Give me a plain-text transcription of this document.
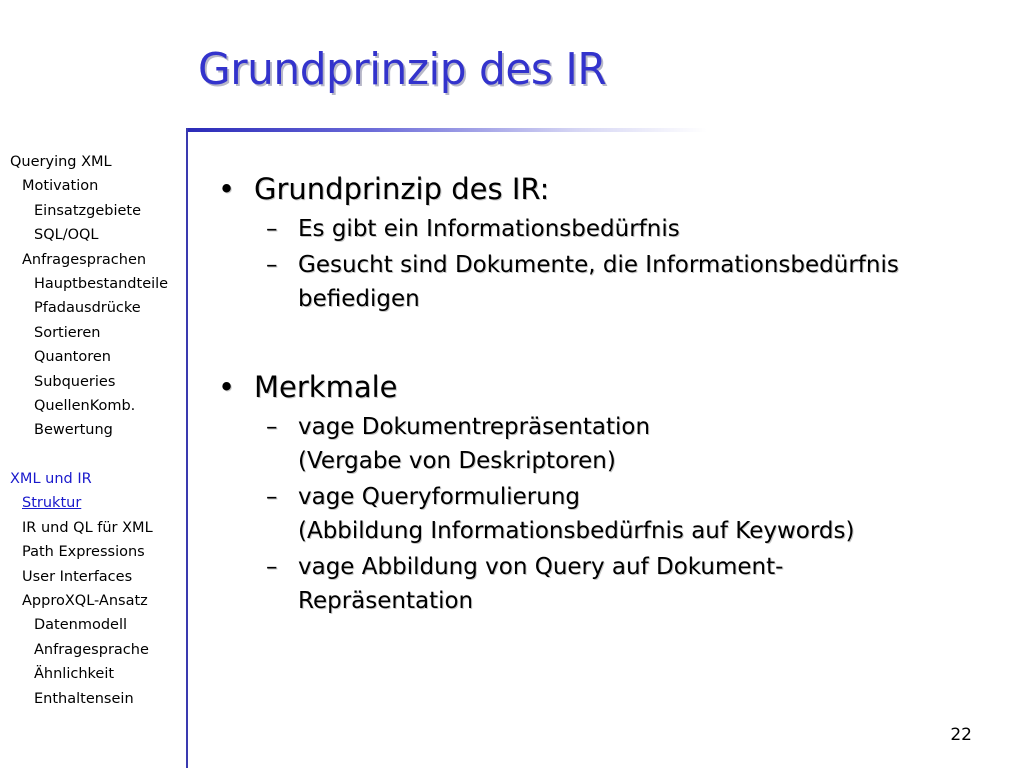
Grundprinzip des IR
Querying XML
Motivation
Einsatzgebiete
SQL/OQL
Anfragesprachen
Hauptbestandteile
Pfadausdrücke
Sortieren
Quantoren
Subqueries
QuellenKomb.
Bewertung
XML und IR
Struktur
IR und QL für XML
Path Expressions
User Interfaces
ApproXQL-Ansatz
Datenmodell
Anfragesprache
Ähnlichkeit
Enthaltensein
• Grundprinzip des IR:
– Es gibt ein Informationsbedürfnis
– Gesucht sind Dokumente, die Informationsbedürfnis
befiedigen
• Merkmale
– vage Dokumentrepräsentation
(Vergabe von Deskriptoren)
– vage Queryformulierung
(Abbildung Informationsbedürfnis auf Keywords)
– vage Abbildung von Query auf Dokument-
Repräsentation
22
